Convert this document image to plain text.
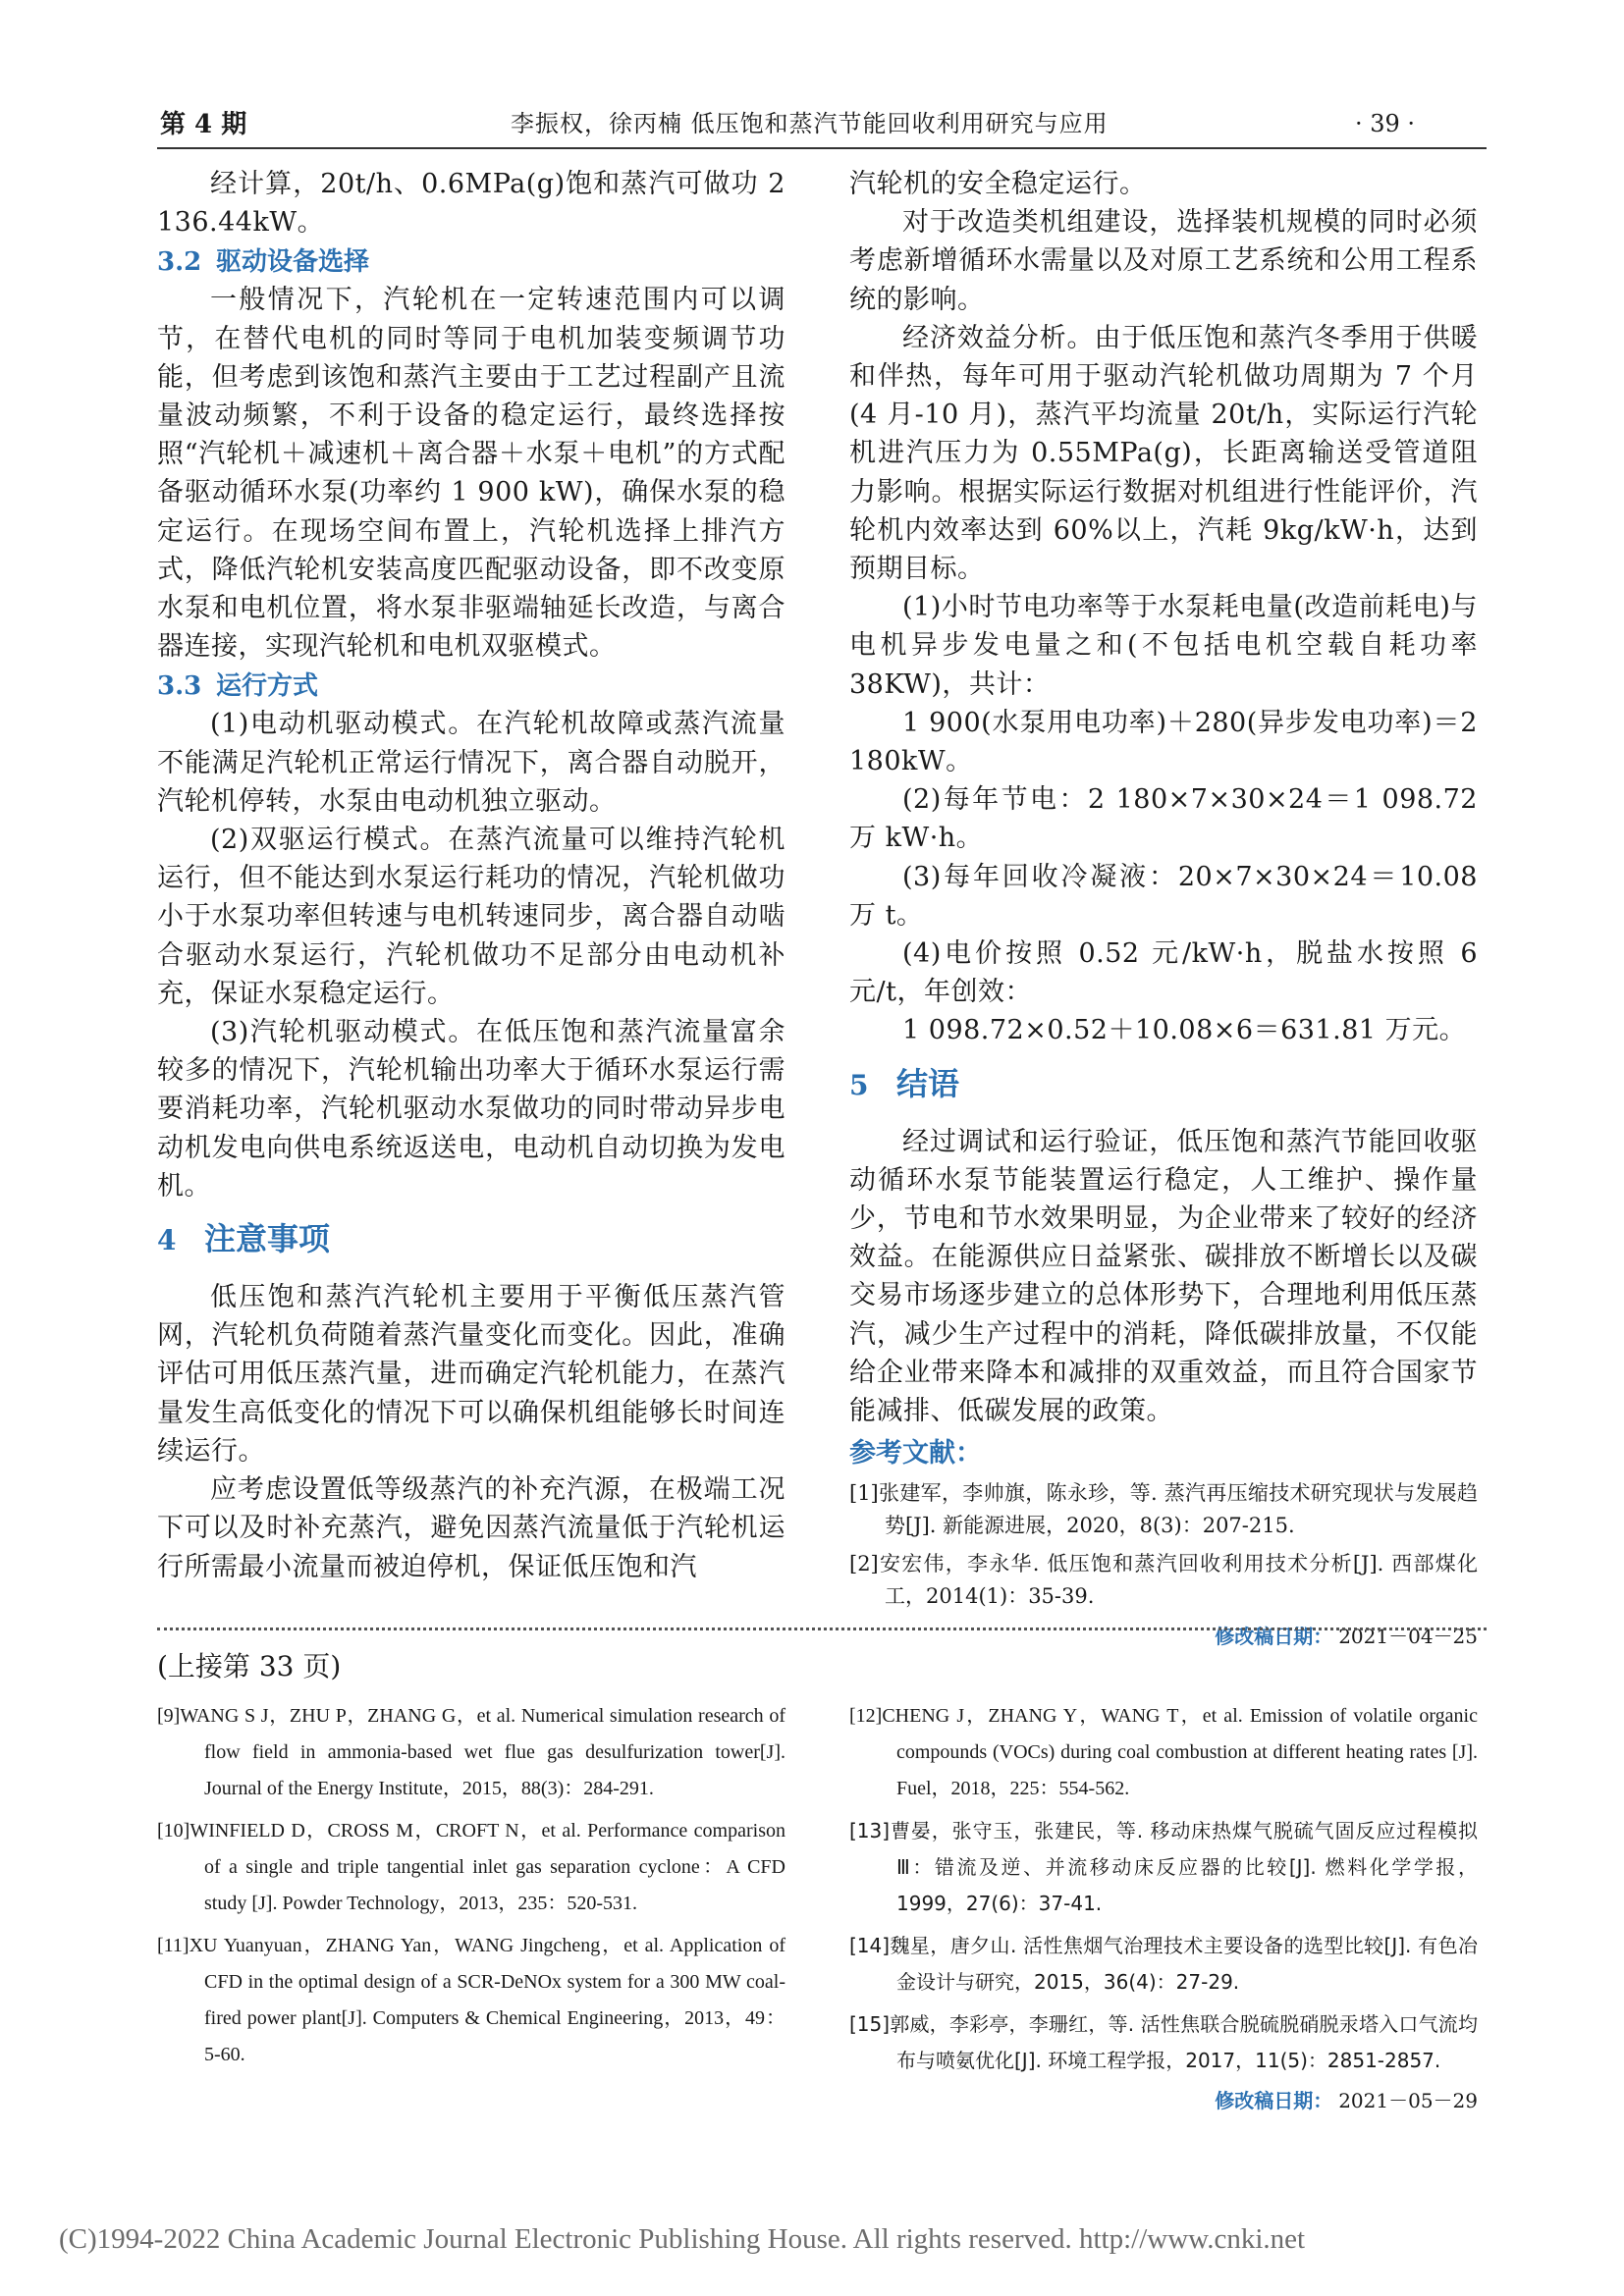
第 4 期	李振权，徐丙楠 低压饱和蒸汽节能回收利用研究与应用	· 39 ·

经计算，20t/h、0.6MPa(g)饱和蒸汽可做功 2 136.44kW。

3.2 驱动设备选择

一般情况下，汽轮机在一定转速范围内可以调节，在替代电机的同时等同于电机加装变频调节功能，但考虑到该饱和蒸汽主要由于工艺过程副产且流量波动频繁，不利于设备的稳定运行，最终选择按照“汽轮机＋减速机＋离合器＋水泵＋电机”的方式配备驱动循环水泵(功率约 1 900 kW)，确保水泵的稳定运行。在现场空间布置上，汽轮机选择上排汽方式，降低汽轮机安装高度匹配驱动设备，即不改变原水泵和电机位置，将水泵非驱端轴延长改造，与离合器连接，实现汽轮机和电机双驱模式。

3.3 运行方式

(1)电动机驱动模式。在汽轮机故障或蒸汽流量不能满足汽轮机正常运行情况下，离合器自动脱开，汽轮机停转，水泵由电动机独立驱动。

(2)双驱运行模式。在蒸汽流量可以维持汽轮机运行，但不能达到水泵运行耗功的情况，汽轮机做功小于水泵功率但转速与电机转速同步，离合器自动啮合驱动水泵运行，汽轮机做功不足部分由电动机补充，保证水泵稳定运行。

(3)汽轮机驱动模式。在低压饱和蒸汽流量富余较多的情况下，汽轮机输出功率大于循环水泵运行需要消耗功率，汽轮机驱动水泵做功的同时带动异步电动机发电向供电系统返送电，电动机自动切换为发电机。

4 注意事项

低压饱和蒸汽汽轮机主要用于平衡低压蒸汽管网，汽轮机负荷随着蒸汽量变化而变化。因此，准确评估可用低压蒸汽量，进而确定汽轮机能力，在蒸汽量发生高低变化的情况下可以确保机组能够长时间连续运行。

应考虑设置低等级蒸汽的补充汽源，在极端工况下可以及时补充蒸汽，避免因蒸汽流量低于汽轮机运行所需最小流量而被迫停机，保证低压饱和汽

汽轮机的安全稳定运行。

对于改造类机组建设，选择装机规模的同时必须考虑新增循环水需量以及对原工艺系统和公用工程系统的影响。

经济效益分析。由于低压饱和蒸汽冬季用于供暖和伴热，每年可用于驱动汽轮机做功周期为 7 个月(4 月-10 月)，蒸汽平均流量 20t/h，实际运行汽轮机进汽压力为 0.55MPa(g)，长距离输送受管道阻力影响。根据实际运行数据对机组进行性能评价，汽轮机内效率达到 60%以上，汽耗 9kg/kW·h，达到预期目标。

(1)小时节电功率等于水泵耗电量(改造前耗电)与电机异步发电量之和(不包括电机空载自耗功率 38KW)，共计：

1 900(水泵用电功率)＋280(异步发电功率)＝2 180kW。

(2)每年节电：2 180×7×30×24＝1 098.72 万 kW·h。

(3)每年回收冷凝液：20×7×30×24＝10.08 万 t。

(4)电价按照 0.52 元/kW·h，脱盐水按照 6 元/t，年创效：

1 098.72×0.52＋10.08×6＝631.81 万元。

5 结语

经过调试和运行验证，低压饱和蒸汽节能回收驱动循环水泵节能装置运行稳定，人工维护、操作量少，节电和节水效果明显，为企业带来了较好的经济效益。在能源供应日益紧张、碳排放不断增长以及碳交易市场逐步建立的总体形势下，合理地利用低压蒸汽，减少生产过程中的消耗，降低碳排放量，不仅能给企业带来降本和减排的双重效益，而且符合国家节能减排、低碳发展的政策。

参考文献：
[1]张建军，李帅旗，陈永珍，等. 蒸汽再压缩技术研究现状与发展趋势[J]. 新能源进展，2020，8(3)：207-215.
[2]安宏伟，李永华. 低压饱和蒸汽回收利用技术分析[J]. 西部煤化工，2014(1)：35-39.
修改稿日期： 2021－04－25
(上接第 33 页)
[9]WANG S J，ZHU P，ZHANG G，et al. Numerical simulation research of flow field in ammonia-based wet flue gas desulfurization tower[J]. Journal of the Energy Institute，2015，88(3)：284-291.
[10]WINFIELD D，CROSS M，CROFT N，et al. Performance comparison of a single and triple tangential inlet gas separation cyclone：A CFD study [J]. Powder Technology，2013，235：520-531.
[11]XU Yuanyuan，ZHANG Yan，WANG Jingcheng，et al. Application of CFD in the optimal design of a SCR-DeNOx system for a 300 MW coal-fired power plant[J]. Computers & Chemical Engineering，2013，49：5-60.
[12]CHENG J，ZHANG Y，WANG T，et al. Emission of volatile organic compounds (VOCs) during coal combustion at different heating rates [J]. Fuel，2018，225：554-562.
[13]曹晏，张守玉，张建民，等. 移动床热煤气脱硫气固反应过程模拟Ⅲ：错流及逆、并流移动床反应器的比较[J]. 燃料化学学报，1999，27(6)：37-41.
[14]魏星，唐夕山. 活性焦烟气治理技术主要设备的选型比较[J]. 有色冶金设计与研究，2015，36(4)：27-29.
[15]郭威，李彩亭，李珊红，等. 活性焦联合脱硫脱硝脱汞塔入口气流均布与喷氨优化[J]. 环境工程学报，2017，11(5)：2851-2857.
修改稿日期： 2021－05－29
(C)1994-2022 China Academic Journal Electronic Publishing House. All rights reserved. http://www.cnki.net
